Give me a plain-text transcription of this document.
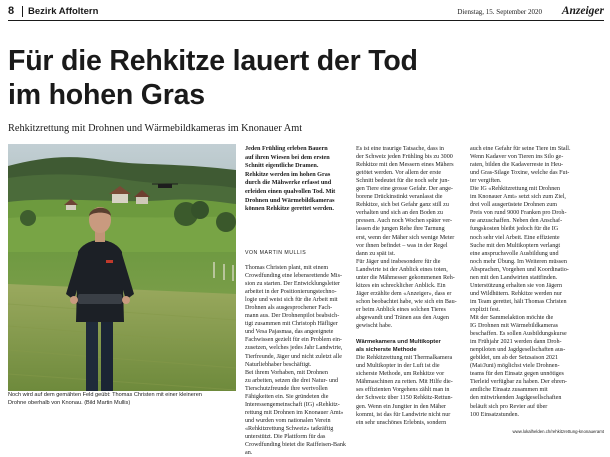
8 Bezirk Affoltern	Dienstag, 15. September 2020 Anzeiger
Für die Rehkitze lauert der Tod
im hohen Gras
Rehkitzrettung mit Drohnen und Wärmebildkameras im Knonauer Amt
Noch wird auf dem gemähten Feld geübt: Thomas Christen mit einer kleineren
Drohne oberhalb von Knonau. (Bild Martin Mullis)
Jeden Frühling erleben Bauern
auf ihren Wiesen bei dem ersten
Schnitt eigentliche Dramen.
Rehkitze werden im hohen Gras
durch die Mähwerke erfasst und
erleiden einen qualvollen Tod. Mit
Drohnen und Wärmebildkameras
können Rehkitze gerettet werden.
VON MARTIN MULLIS
Thomas Christen plant, mit einem
Crowdfunding eine lebensrettende Mis-
sion zu starten. Der Entwicklungsleiter
arbeitet in der Positionierungstechno-
logie und weist sich für die Arbeit mit
Drohnen als ausgesprochener Fach-
mann aus. Der Drohnenpilot beabsich-
tigt zusammen mit Christoph Häfliger
und Vesa Pajasmaa, das angeeignete
Fachwissen gezielt für ein Problem ein-
zusetzen, welches jedes Jahr Landwirte,
Tierfreunde, Jäger und nicht zuletzt alle
Naturliebhaber beschäftigt.
Bei ihrem Vorhaben, mit Drohnen
zu arbeiten, setzen die drei Natur- und
Tierschutzfreunde ihre wertvollen
Fähigkeiten ein. Sie gründeten die
Interessengemeinschaft (IG) «Rehkitz-
rettung mit Drohnen im Knonauer Amt»
und wurden vom nationalen Verein
«Rehkitzrettung Schweiz» tatkräftig
unterstützt. Die Plattform für das
Crowdfunding bietet die Raiffeisen-Bank
an.
Es ist eine traurige Tatsache, dass in
der Schweiz jeden Frühling bis zu 3000
Rehkitze mit den Messern eines Mähers
getötet werden. Vor allem der erste
Schnitt bedeutet für die noch sehr jun-
gen Tiere eine grosse Gefahr. Der ange-
borene Drückinstinkt veranlasst die
Rehkitze, sich bei Gefahr ganz still zu
verhalten und sich an den Boden zu
pressen. Auch noch Wochen später ver-
lassen die jungen Rehe ihre Tarnung
erst, wenn der Mäher sich wenige Meter
vor ihnen befindet – was in der Regel
dann zu spät ist.
Für Jäger und insbesondere für die
Landwirte ist der Anblick eines toten,
unter die Mähmesser gekommenen Reh-
kitzes ein schrecklicher Anblick. Ein
Jäger erzählte dem «Anzeiger», dass er
schon beobachtet habe, wie sich ein Bau-
er beim Anblick eines solchen Tieres
abgewandt und Tränen aus den Augen
gewischt habe.
Wärmekamera und Multikopter
als sicherste Methode
Die Rehkitzrettung mit Thermalkamera
und Multikopter in der Luft ist die
sicherste Methode, um Rehkitze vor
Mähmaschinen zu retten. Mit Hilfe die-
ses effizienten Vorgehens zählt man in
der Schweiz über 1150 Rehkitz-Rettun-
gen. Wenn ein Jungtier in den Mäher
kommt, ist das für Landwirte nicht nur
ein sehr unschönes Erlebnis, sondern
auch eine Gefahr für seine Tiere im Stall.
Wenn Kadaver von Tieren ins Silo ge-
raten, bilden die Kadaverreste in Heu-
und Gras-Silage Toxine, welche das Fut-
ter vergiften.
Die IG «Rehkitzrettung mit Drohnen
im Knonauer Amt» setzt sich zum Ziel,
drei voll ausgerüstete Drohnen zum
Preis von rund 9000 Franken pro Droh-
ne anzuschaffen. Neben den Anschaf-
fungskosten bleibt jedoch für die IG
noch sehr viel Arbeit. Eine effiziente
Suche mit den Multikoptern verlangt
eine anspruchsvolle Ausbildung und
noch mehr Übung. Im Weiteren müssen
Absprachen, Vorgehen und Koordinatio-
nen mit den Landwirten stattfinden.
Unterstützung erhalten sie von Jägern
und Wildhütern. Rehkitze werden nur
im Team gerettet, hält Thomas Christen
explizit fest.
Mit der Sammelaktion möchte die
IG Drohnen mit Wärmebildkameras
beschaffen. Es sollen Ausbildungskurse
im Frühjahr 2021 werden dann Droh-
nenpiloten und Jagdgesellschaften aus-
gebildet, um ab der Setzsaison 2021
(Mai/Juni) möglichst viele Drohnen-
teams für den Einsatz gegen unnötiges
Tierleid verfügbar zu haben. Der ehren-
amtliche Einsatz zusammen mit
den mitwirkenden Jagdgesellschaften
beläuft sich pro Revier auf über
100 Einsatzstunden.
www.lokalhelden.ch/rehkitzrettung-knonaueramt
